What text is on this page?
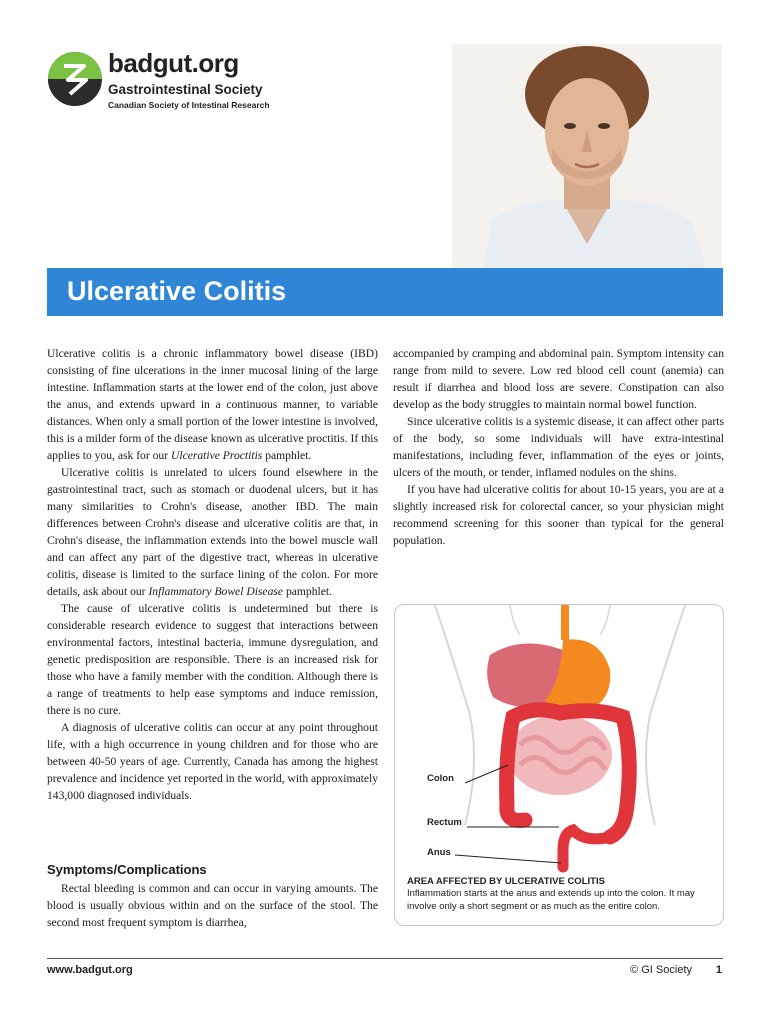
badgut.org
Gastrointestinal Society
Canadian Society of Intestinal Research
Ulcerative Colitis

Ulcerative colitis is a chronic inflammatory bowel disease (IBD) consisting of fine ulcerations in the inner mucosal lining of the large intestine. Inflammation starts at the lower end of the colon, just above the anus, and extends upward in a continuous manner, to variable distances. When only a small portion of the lower intestine is involved, this is a milder form of the disease known as ulcerative proctitis. If this applies to you, ask for our Ulcerative Proctitis pamphlet.

Ulcerative colitis is unrelated to ulcers found elsewhere in the gastrointestinal tract, such as stomach or duodenal ulcers, but it has many similarities to Crohn's disease, another IBD. The main differences between Crohn's disease and ulcerative colitis are that, in Crohn's disease, the inflammation extends into the bowel muscle wall and can affect any part of the digestive tract, whereas in ulcerative colitis, disease is limited to the surface lining of the colon. For more details, ask about our Inflammatory Bowel Disease pamphlet.

The cause of ulcerative colitis is undetermined but there is considerable research evidence to suggest that interactions between environmental factors, intestinal bacteria, immune dysregulation, and genetic predisposition are responsible. There is an increased risk for those who have a family member with the condition. Although there is a range of treatments to help ease symptoms and induce remission, there is no cure.

A diagnosis of ulcerative colitis can occur at any point throughout life, with a high occurrence in young children and for those who are between 40-50 years of age. Currently, Canada has among the highest prevalence and incidence yet reported in the world, with approximately 143,000 diagnosed individuals.

Symptoms/Complications

Rectal bleeding is common and can occur in varying amounts. The blood is usually obvious within and on the surface of the stool. The second most frequent symptom is diarrhea,

accompanied by cramping and abdominal pain. Symptom intensity can range from mild to severe. Low red blood cell count (anemia) can result if diarrhea and blood loss are severe. Constipation can also develop as the body struggles to maintain normal bowel function.

Since ulcerative colitis is a systemic disease, it can affect other parts of the body, so some individuals will have extra-intestinal manifestations, including fever, inflammation of the eyes or joints, ulcers of the mouth, or tender, inflamed nodules on the shins.

If you have had ulcerative colitis for about 10-15 years, you are at a slightly increased risk for colorectal cancer, so your physician might recommend screening for this sooner than typical for the general population.

Colon
Rectum
Anus
AREA AFFECTED BY ULCERATIVE COLITIS
Inflammation starts at the anus and extends up into the colon. It may involve only a short segment or as much as the entire colon.
www.badgut.org	© GI Society 1
